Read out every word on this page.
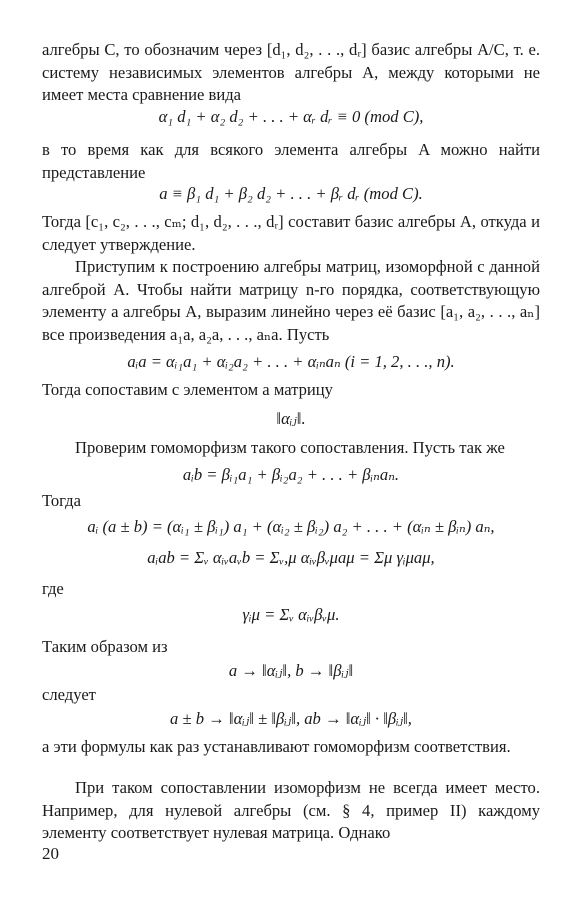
алгебры C, то обозначим через [d₁, d₂, . . ., dᵣ] базис алгебры A/C, т. е. систему независимых элементов алгебры A, между которыми не имеет места сравнение вида

α₁ d₁ + α₂ d₂ + . . . + αᵣ dᵣ ≡ 0 (mod C),

в то время как для всякого элемента алгебры A можно найти представление

a ≡ β₁ d₁ + β₂ d₂ + . . . + βᵣ dᵣ (mod C).

Тогда [c₁, c₂, . . ., cₘ; d₁, d₂, . . ., dᵣ] составит базис алгебры A, откуда и следует утверждение.

Приступим к построению алгебры матриц, изоморфной с данной алгеброй A. Чтобы найти матрицу n-го порядка, соответствующую элементу a алгебры A, выразим линейно через её базис [a₁, a₂, . . ., aₙ] все произведения a₁a, a₂a, . . ., aₙa. Пусть

aᵢa = αᵢ₁a₁ + αᵢ₂a₂ + . . . + αᵢₙaₙ (i = 1, 2, . . ., n).

Тогда сопоставим с элементом a матрицу

‖αᵢⱼ‖.

Проверим гомоморфизм такого сопоставления. Пусть так же

aᵢb = βᵢ₁a₁ + βᵢ₂a₂ + . . . + βᵢₙaₙ.

Тогда

aᵢ (a ± b) = (αᵢ₁ ± βᵢ₁) a₁ + (αᵢ₂ ± βᵢ₂) a₂ + . . . + (αᵢₙ ± βᵢₙ) aₙ,

aᵢab = Σᵥ αᵢᵥaᵥb = Σᵥ,μ αᵢᵥβᵥμaμ = Σμ γᵢμaμ,

где

γᵢμ = Σᵥ αᵢᵥβᵥμ.

Таким образом из

a → ‖αᵢⱼ‖, b → ‖βᵢⱼ‖

следует

a ± b → ‖αᵢⱼ‖ ± ‖βᵢⱼ‖, ab → ‖αᵢⱼ‖ · ‖βᵢⱼ‖,

а эти формулы как раз устанавливают гомоморфизм соответствия.

При таком сопоставлении изоморфизм не всегда имеет место. Например, для нулевой алгебры (см. § 4, пример II) каждому элементу соответствует нулевая матрица. Однако

20
